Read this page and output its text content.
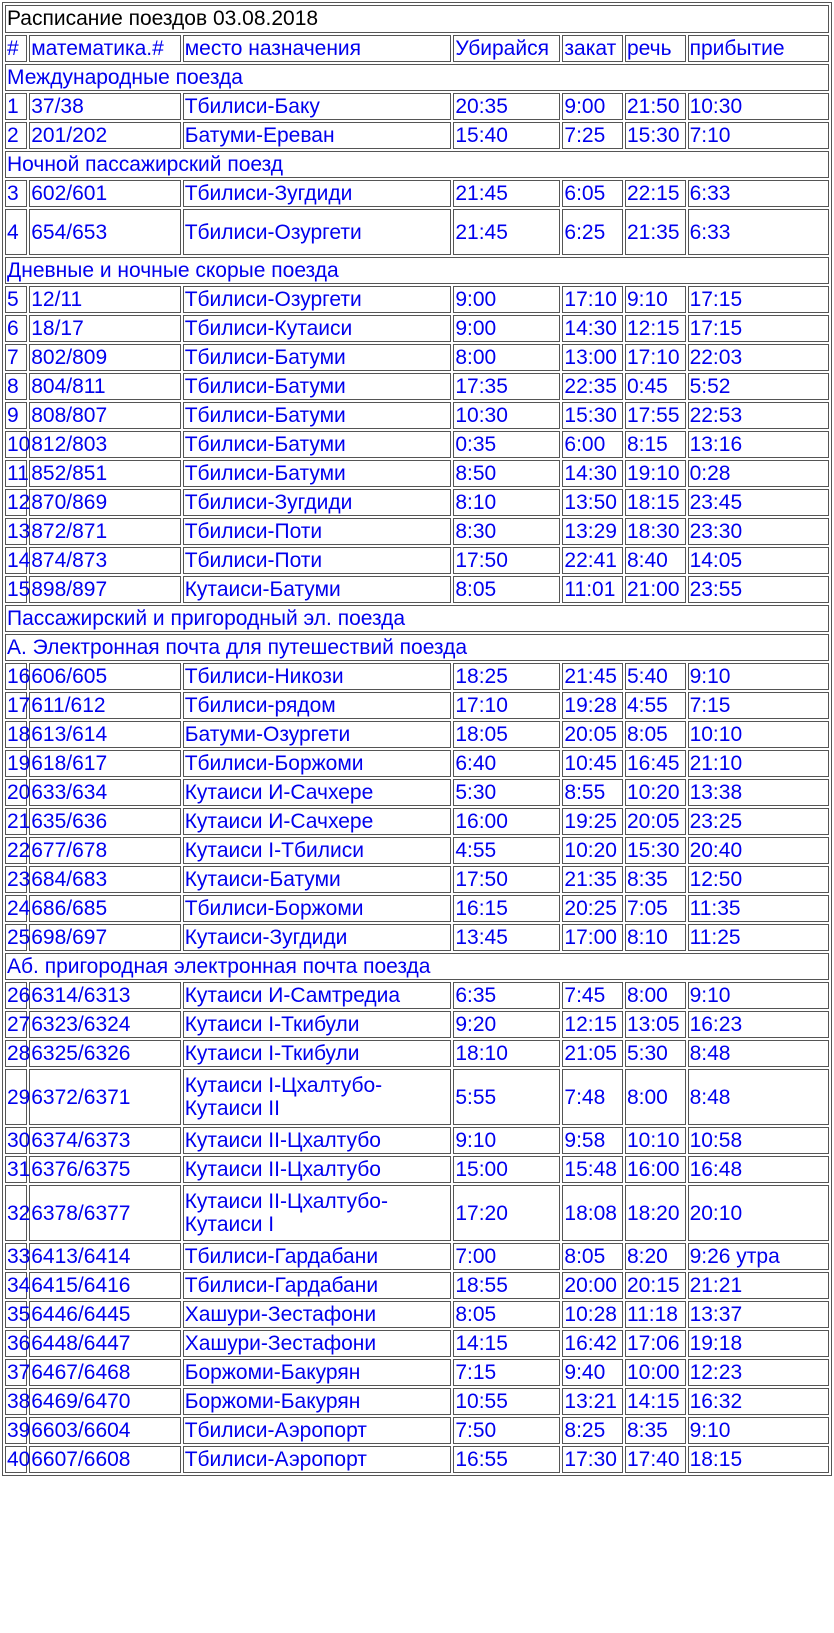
Расписание поездов 03.08.2018						
#	математика.#	место назначения	Убирайся	закат	речь	прибытие
Международные поезда						
1	37/38	Тбилиси-Баку	20:35	9:00	21:50	10:30
2	201/202	Батуми-Ереван	15:40	7:25	15:30	7:10
Ночной пассажирский поезд						
3	602/601	Тбилиси-Зугдиди	21:45	6:05	22:15	6:33
4	654/653	Тбилиси-Озургети	21:45	6:25	21:35	6:33
Дневные и ночные скорые поезда						
5	12/11	Тбилиси-Озургети	9:00	17:10	9:10	17:15
6	18/17	Тбилиси-Кутаиси	9:00	14:30	12:15	17:15
7	802/809	Тбилиси-Батуми	8:00	13:00	17:10	22:03
8	804/811	Тбилиси-Батуми	17:35	22:35	0:45	5:52
9	808/807	Тбилиси-Батуми	10:30	15:30	17:55	22:53
10	812/803	Тбилиси-Батуми	0:35	6:00	8:15	13:16
11	852/851	Тбилиси-Батуми	8:50	14:30	19:10	0:28
12	870/869	Тбилиси-Зугдиди	8:10	13:50	18:15	23:45
13	872/871	Тбилиси-Поти	8:30	13:29	18:30	23:30
14	874/873	Тбилиси-Поти	17:50	22:41	8:40	14:05
15	898/897	Кутаиси-Батуми	8:05	11:01	21:00	23:55
Пассажирский и пригородный эл. поезда						
А. Электронная почта для путешествий поезда						
16	606/605	Тбилиси-Никози	18:25	21:45	5:40	9:10
17	611/612	Тбилиси-рядом	17:10	19:28	4:55	7:15
18	613/614	Батуми-Озургети	18:05	20:05	8:05	10:10
19	618/617	Тбилиси-Боржоми	6:40	10:45	16:45	21:10
20	633/634	Кутаиси И-Сачхере	5:30	8:55	10:20	13:38
21	635/636	Кутаиси И-Сачхере	16:00	19:25	20:05	23:25
22	677/678	Кутаиси I-Тбилиси	4:55	10:20	15:30	20:40
23	684/683	Кутаиси-Батуми	17:50	21:35	8:35	12:50
24	686/685	Тбилиси-Боржоми	16:15	20:25	7:05	11:35
25	698/697	Кутаиси-Зугдиди	13:45	17:00	8:10	11:25
Аб. пригородная электронная почта поезда						
26	6314/6313	Кутаиси И-Самтредиа	6:35	7:45	8:00	9:10
27	6323/6324	Кутаиси I-Ткибули	9:20	12:15	13:05	16:23
28	6325/6326	Кутаиси I-Ткибули	18:10	21:05	5:30	8:48
29	6372/6371	Кутаиси I-Цхалтубо-Кутаиси II	5:55	7:48	8:00	8:48
30	6374/6373	Кутаиси II-Цхалтубо	9:10	9:58	10:10	10:58
31	6376/6375	Кутаиси II-Цхалтубо	15:00	15:48	16:00	16:48
32	6378/6377	Кутаиси II-Цхалтубо-Кутаиси I	17:20	18:08	18:20	20:10
33	6413/6414	Тбилиси-Гардабани	7:00	8:05	8:20	9:26 утра
34	6415/6416	Тбилиси-Гардабани	18:55	20:00	20:15	21:21
35	6446/6445	Хашури-Зестафони	8:05	10:28	11:18	13:37
36	6448/6447	Хашури-Зестафони	14:15	16:42	17:06	19:18
37	6467/6468	Боржоми-Бакурян	7:15	9:40	10:00	12:23
38	6469/6470	Боржоми-Бакурян	10:55	13:21	14:15	16:32
39	6603/6604	Тбилиси-Аэропорт	7:50	8:25	8:35	9:10
40	6607/6608	Тбилиси-Аэропорт	16:55	17:30	17:40	18:15
